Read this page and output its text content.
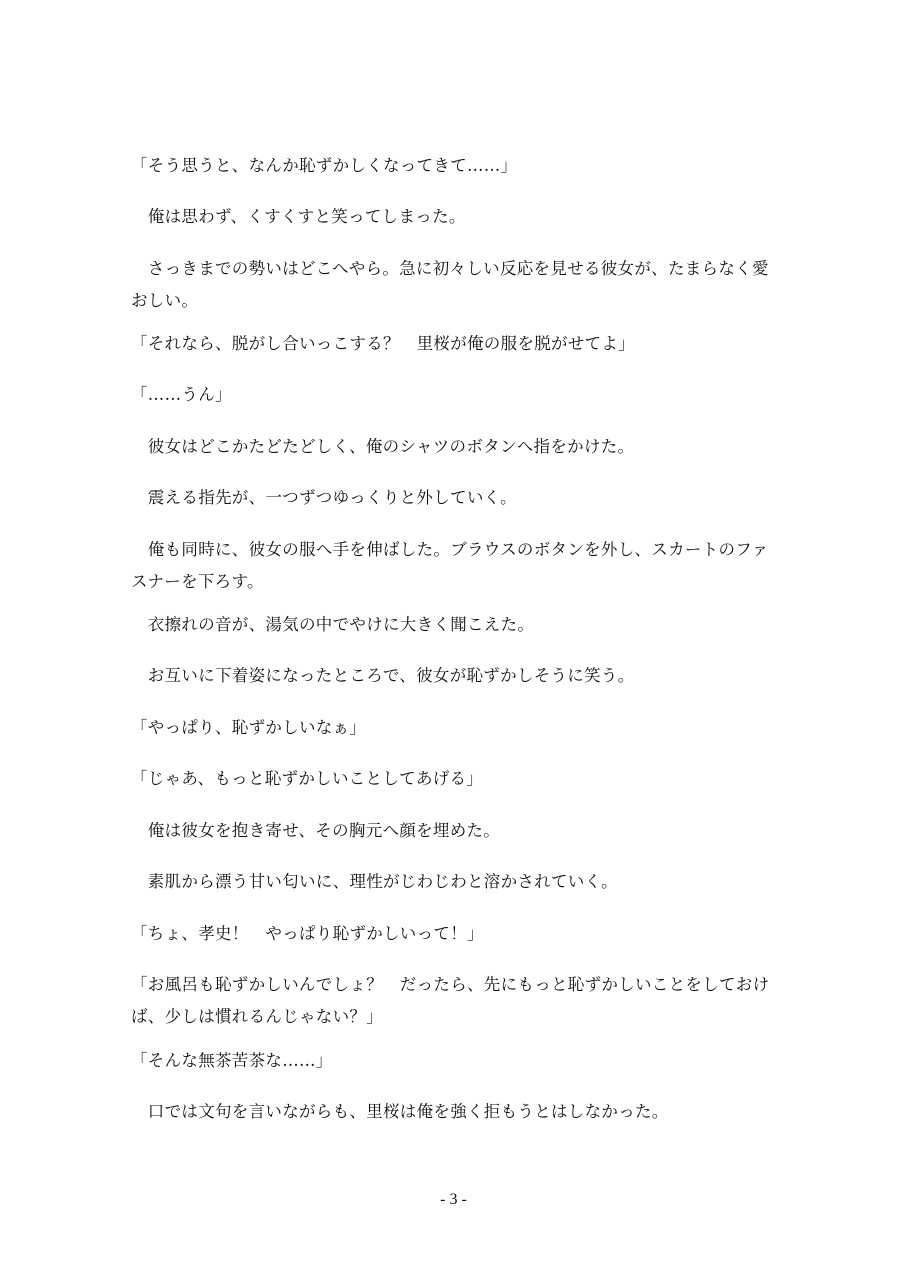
「そう思うと、なんか恥ずかしくなってきて……」

　俺は思わず、くすくすと笑ってしまった。

　さっきまでの勢いはどこへやら。急に初々しい反応を見せる彼女が、たまらなく愛おしい。

「それなら、脱がし合いっこする？　里桜が俺の服を脱がせてよ」

「……うん」

　彼女はどこかたどたどしく、俺のシャツのボタンへ指をかけた。

　震える指先が、一つずつゆっくりと外していく。

　俺も同時に、彼女の服へ手を伸ばした。ブラウスのボタンを外し、スカートのファスナーを下ろす。

　衣擦れの音が、湯気の中でやけに大きく聞こえた。

　お互いに下着姿になったところで、彼女が恥ずかしそうに笑う。

「やっぱり、恥ずかしいなぁ」

「じゃあ、もっと恥ずかしいことしてあげる」

　俺は彼女を抱き寄せ、その胸元へ顔を埋めた。

　素肌から漂う甘い匂いに、理性がじわじわと溶かされていく。

「ちょ、孝史！　やっぱり恥ずかしいって！」

「お風呂も恥ずかしいんでしょ？　だったら、先にもっと恥ずかしいことをしておけば、少しは慣れるんじゃない？」

「そんな無茶苦茶な……」

　口では文句を言いながらも、里桜は俺を強く拒もうとはしなかった。

- 3 -
